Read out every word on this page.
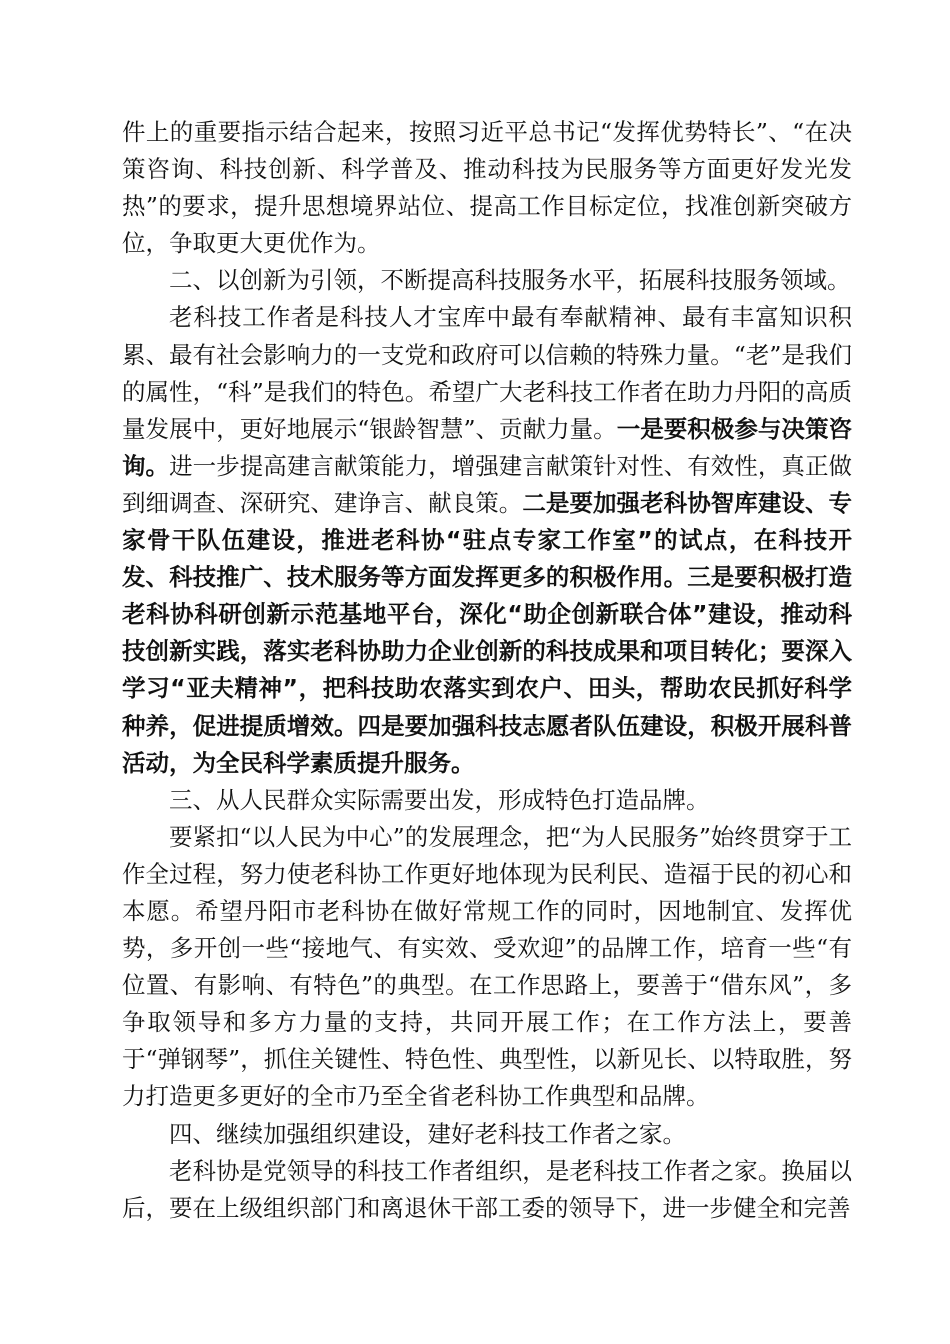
件上的重要指示结合起来，按照习近平总书记“发挥优势特长”、“在决策咨询、科技创新、科学普及、推动科技为民服务等方面更好发光发热”的要求，提升思想境界站位、提高工作目标定位，找准创新突破方位，争取更大更优作为。

二、以创新为引领，不断提高科技服务水平，拓展科技服务领域。

老科技工作者是科技人才宝库中最有奉献精神、最有丰富知识积累、最有社会影响力的一支党和政府可以信赖的特殊力量。“老”是我们的属性，“科”是我们的特色。希望广大老科技工作者在助力丹阳的高质量发展中，更好地展示“银龄智慧”、贡献力量。一是要积极参与决策咨询。进一步提高建言献策能力，增强建言献策针对性、有效性，真正做到细调查、深研究、建诤言、献良策。二是要加强老科协智库建设、专家骨干队伍建设，推进老科协“驻点专家工作室”的试点，在科技开发、科技推广、技术服务等方面发挥更多的积极作用。三是要积极打造老科协科研创新示范基地平台，深化“助企创新联合体”建设，推动科技创新实践，落实老科协助力企业创新的科技成果和项目转化；要深入学习“亚夫精神”，把科技助农落实到农户、田头，帮助农民抓好科学种养，促进提质增效。四是要加强科技志愿者队伍建设，积极开展科普活动，为全民科学素质提升服务。

三、从人民群众实际需要出发，形成特色打造品牌。

要紧扣“以人民为中心”的发展理念，把“为人民服务”始终贯穿于工作全过程，努力使老科协工作更好地体现为民利民、造福于民的初心和本愿。希望丹阳市老科协在做好常规工作的同时，因地制宜、发挥优势，多开创一些“接地气、有实效、受欢迎”的品牌工作，培育一些“有位置、有影响、有特色”的典型。在工作思路上，要善于“借东风”，多争取领导和多方力量的支持，共同开展工作；在工作方法上，要善于“弹钢琴”，抓住关键性、特色性、典型性，以新见长、以特取胜，努力打造更多更好的全市乃至全省老科协工作典型和品牌。

四、继续加强组织建设，建好老科技工作者之家。

老科协是党领导的科技工作者组织，是老科技工作者之家。换届以后，要在上级组织部门和离退休干部工委的领导下，进一步健全和完善
